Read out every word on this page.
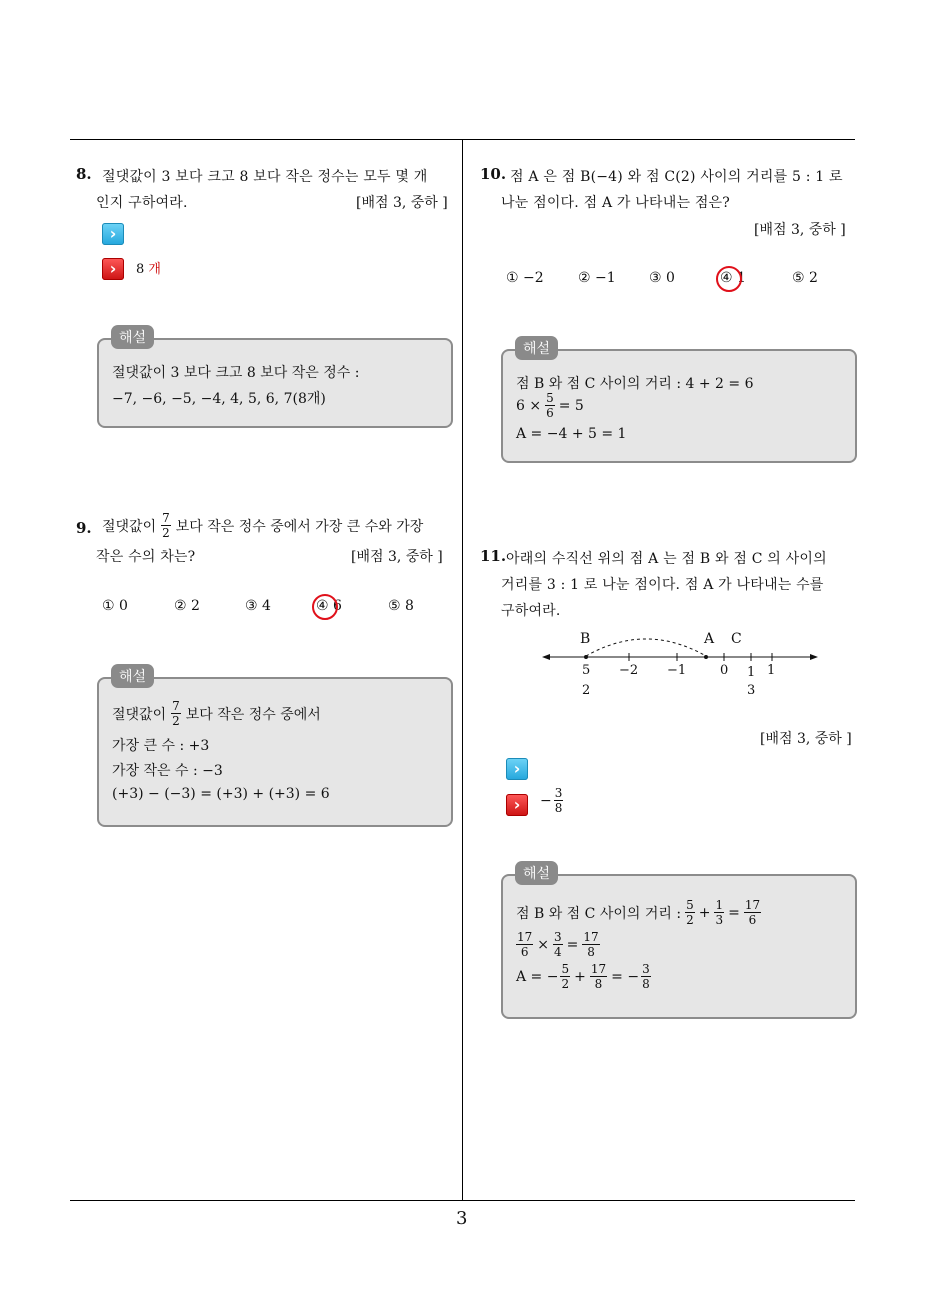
3
8. 절댓값이 3 보다 크고 8 보다 작은 정수는 모두 몇 개
인지 구하여라.	[배점 3, 중하 ]
›
›	8 개
절댓값이 3 보다 크고 8 보다 작은 정수 :
−7, −6, −5, −4, 4, 5, 6, 7(8개)
해설
9. 절댓값이 $\frac{7}{2}$ 보다 작은 정수 중에서 가장 큰 수와 가장
작은 수의 차는?	[배점 3, 중하 ]
① 0	② 2	③ 4	④ 6	⑤ 8
절댓값이 $\frac{7}{2}$ 보다 작은 정수 중에서
가장 큰 수 : +3
가장 작은 수 : −3
(+3) − (−3) = (+3) + (+3) = 6
해설
10. 점 A 은 점 B(−4) 와 점 C(2) 사이의 거리를 5 : 1 로
나눈 점이다. 점 A 가 나타내는 점은?
[배점 3, 중하 ]
① −2 ② −1 ③ 0	④ 1	⑤ 2
점 B 와 점 C 사이의 거리 : 4 + 2 = 6
$6 \times \frac{5}{6} = 5$
A = −4 + 5 = 1
해설
11. 아래의 수직선 위의 점 A 는 점 B 와 점 C 의 사이의
거리를 3 : 1 로 나눈 점이다. 점 A 가 나타내는 수를
구하여라.
B	A C
5
2
−2 −1	0 1
3
1
[배점 3, 중하 ]
›
›	− $\frac{3}{8}$
점 B 와 점 C 사이의 거리 : $\frac{5}{2} + \frac{1}{3} = \frac{17}{6}$
$\frac{17}{6} \times \frac{3}{4} = \frac{17}{8}$
A = − $\frac{5}{2} + \frac{17}{8}$ = − $\frac{3}{8}$
해설
